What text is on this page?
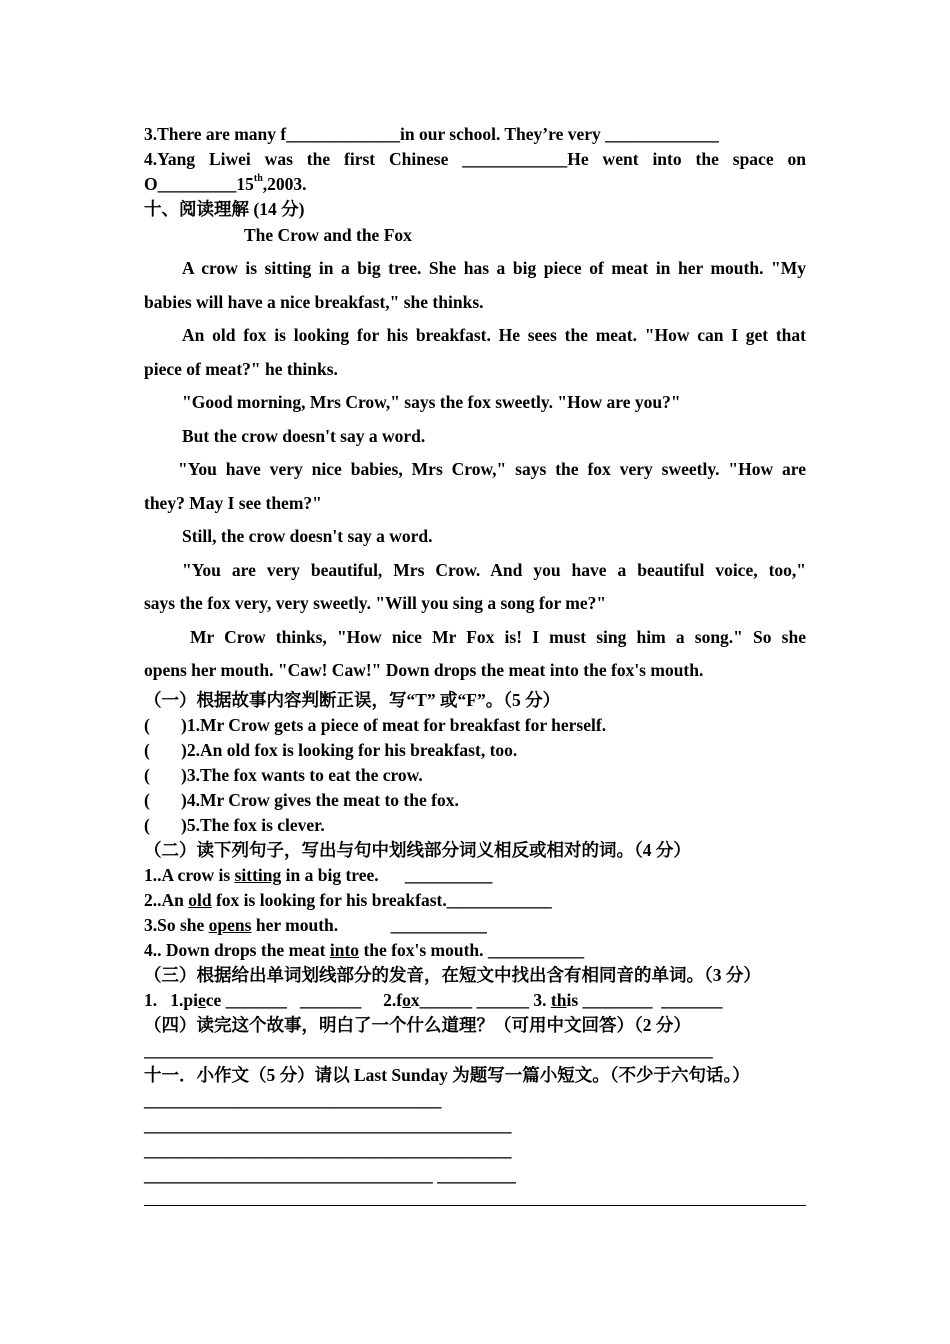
3.There are many f_____________in our school. They’re very _____________
4.Yang Liwei was the first Chinese ____________He went into the space on
O_________15th,2003.
十、阅读理解 (14 分)
The Crow and the Fox
A crow is sitting in a big tree. She has a big piece of meat in her mouth. "My
babies will have a nice breakfast," she thinks.
An old fox is looking for his breakfast. He sees the meat. "How can I get that
piece of meat?" he thinks.
"Good morning, Mrs Crow," says the fox sweetly. "How are you?"
But the crow doesn't say a word.
"You have very nice babies, Mrs Crow," says the fox very sweetly. "How are
they? May I see them?"
Still, the crow doesn't say a word.
"You are very beautiful, Mrs Crow. And you have a beautiful voice, too,"
says the fox very, very sweetly. "Will you sing a song for me?"
Mr Crow thinks, "How nice Mr Fox is! I must sing him a song." So she
opens her mouth. "Caw! Caw!" Down drops the meat into the fox's mouth.
（一）根据故事内容判断正误，写“T” 或“F”。（5 分）
( )1.Mr Crow gets a piece of meat for breakfast for herself.
( )2.An old fox is looking for his breakfast, too.
( )3.The fox wants to eat the crow.
( )4.Mr Crow gives the meat to the fox.
( )5.The fox is clever.
（二）读下列句子，写出与句中划线部分词义相反或相对的词。（4 分）
1..A crow is sitting in a big tree.      __________
2..An old fox is looking for his breakfast.____________
3.So she opens her mouth.            ___________
4.. Down drops the meat into the fox's mouth. ___________
（三）根据给出单词划线部分的发音，在短文中找出含有相同音的单词。（3 分）
1.   1.piece _______   _______     2.fox______ ______ 3. this ________  _______
（四）读完这个故事，明白了一个什么道理？（可用中文回答）（2 分）
_________________________________________________________________
十一．小作文（5 分）请以 Last Sunday 为题写一篇小短文。（不少于六句话。）
__________________________________
__________________________________________
__________________________________________
_________________________________ _________
